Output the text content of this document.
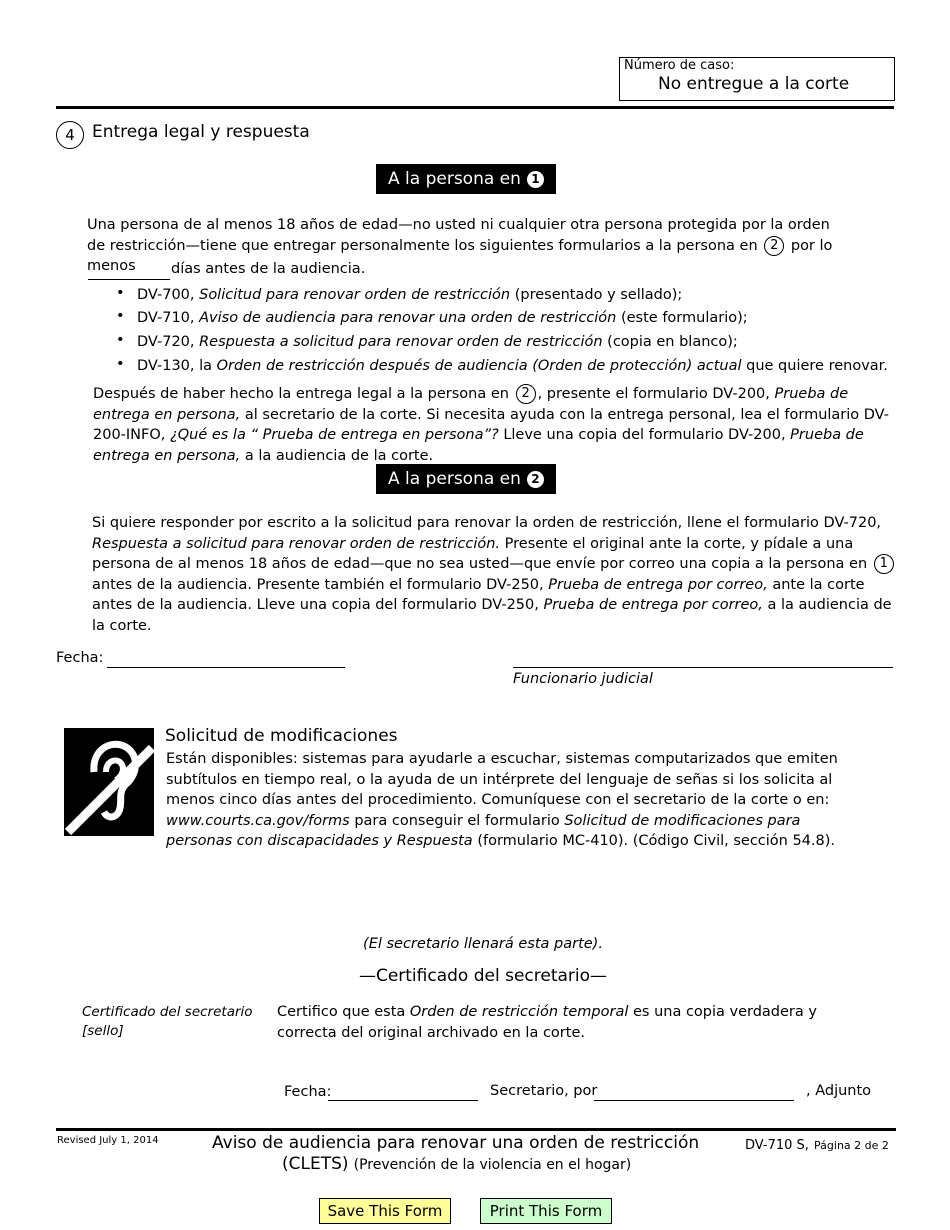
Número de caso:
No entregue a la corte
4	Entrega legal y respuesta
A la persona en 1
Una persona de al menos 18 años de edad—no usted ni cualquier otra persona protegida por la orden de restricción—tiene que entregar personalmente los siguientes formularios a la persona en 2 por lo menos	días antes de la audiencia.
• DV-700, Solicitud para renovar orden de restricción (presentado y sellado);
• DV-710, Aviso de audiencia para renovar una orden de restricción (este formulario);
• DV-720, Respuesta a solicitud para renovar orden de restricción (copia en blanco);
• DV-130, la Orden de restricción después de audiencia (Orden de protección) actual que quiere renovar.
Después de haber hecho la entrega legal a la persona en 2 , presente el formulario DV-200, Prueba de entrega en persona, al secretario de la corte. Si necesita ayuda con la entrega personal, lea el formulario DV-200-INFO, ¿Qué es la “ Prueba de entrega en persona”? Lleve una copia del formulario DV-200, Prueba de entrega en persona, a la audiencia de la corte.
A la persona en 2
Si quiere responder por escrito a la solicitud para renovar la orden de restricción, llene el formulario DV-720, Respuesta a solicitud para renovar orden de restricción. Presente el original ante la corte, y pídale a una persona de al menos 18 años de edad—que no sea usted—que envíe por correo una copia a la persona en 1 antes de la audiencia. Presente también el formulario DV-250, Prueba de entrega por correo, ante la corte antes de la audiencia. Lleve una copia del formulario DV-250, Prueba de entrega por correo, a la audiencia de la corte.
Fecha:
Funcionario judicial
Solicitud de modificaciones
Están disponibles: sistemas para ayudarle a escuchar, sistemas computarizados que emiten subtítulos en tiempo real, o la ayuda de un intérprete del lenguaje de señas si los solicita al menos cinco días antes del procedimiento. Comuníquese con el secretario de la corte o en: www.courts.ca.gov/forms para conseguir el formulario Solicitud de modificaciones para personas con discapacidades y Respuesta (formulario MC-410). (Código Civil, sección 54.8).
(El secretario llenará esta parte).
—Certificado del secretario—
Certificado del secretario [sello]
Certifico que esta Orden de restricción temporal es una copia verdadera y correcta del original archivado en la corte.
Fecha:	Secretario, por	, Adjunto
Revised July 1, 2014	Aviso de audiencia para renovar una orden de restricción
(CLETS) (Prevención de la violencia en el hogar)
DV-710 S, Página 2 de 2
Save This Form	Print This Form
